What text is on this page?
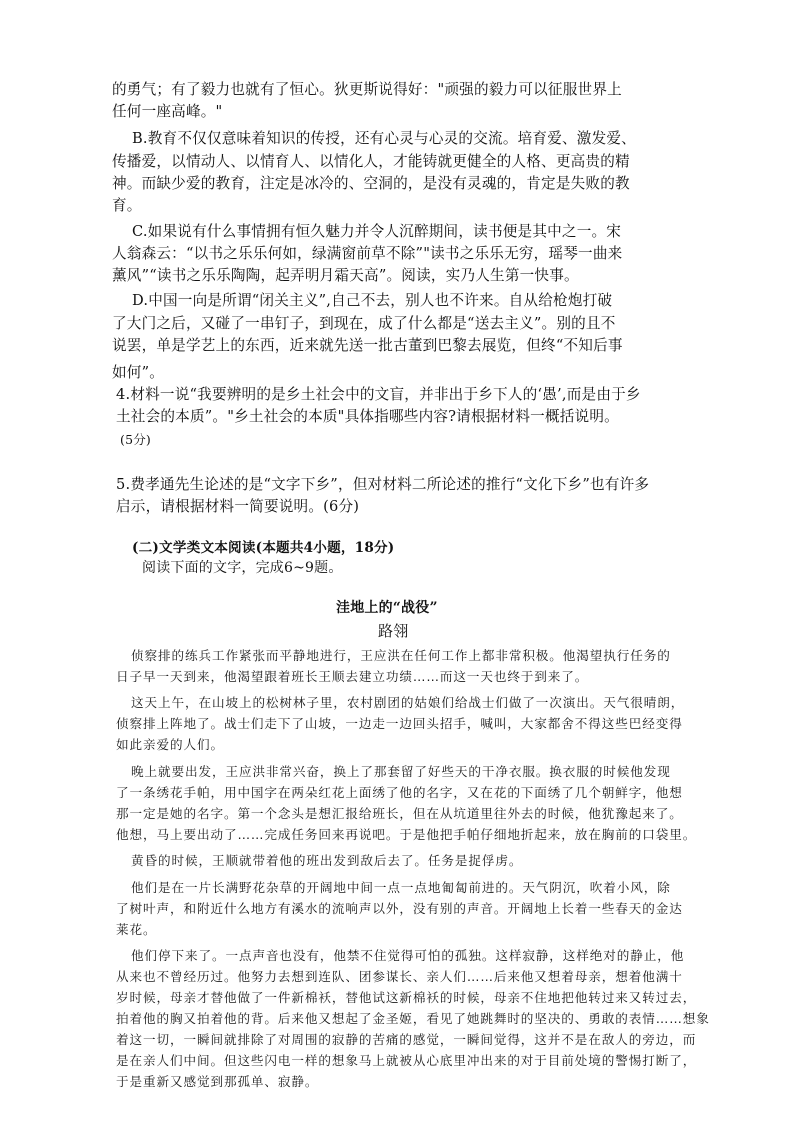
的勇气；有了毅力也就有了恒心。狄更斯说得好："顽强的毅力可以征服世界上
任何一座高峰。"
B.教育不仅仅意味着知识的传授，还有心灵与心灵的交流。培育爱、激发爱、
传播爱，以情动人、以情育人、以情化人，才能铸就更健全的人格、更高贵的精
神。而缺少爱的教育，注定是冰冷的、空洞的，是没有灵魂的，肯定是失败的教
育。
C.如果说有什么事情拥有恒久魅力并令人沉醉期间，读书便是其中之一。宋
人翁森云：“以书之乐乐何如，绿满窗前草不除”"读书之乐乐无穷，瑶琴一曲来
薰风”“读书之乐乐陶陶，起弄明月霜天高”。阅读，实乃人生第一快事。
D.中国一向是所谓“闭关主义”,自己不去，别人也不许来。自从给枪炮打破
了大门之后，又碰了一串钉子，到现在，成了什么都是“送去主义”。别的且不
说罢，单是学艺上的东西，近来就先送一批古董到巴黎去展览，但终“不知后事
如何”。
4.材料一说“我要辨明的是乡土社会中的文盲，并非出于乡下人的‘愚’,而是由于乡
土社会的本质”。"乡土社会的本质"具体指哪些内容?请根据材料一概括说明。
(5分)
5.费孝通先生论述的是“文字下乡”，但对材料二所论述的推行“文化下乡”也有许多
启示，请根据材料一简要说明。(6分)
(二)文学类文本阅读(本题共4小题，18分)
阅读下面的文字，完成6~9题。
洼地上的“战役”
路翎
侦察排的练兵工作紧张而平静地进行，王应洪在任何工作上都非常积极。他渴望执行任务的
日子早一天到来，他渴望跟着班长王顺去建立功绩……而这一天也终于到来了。
这天上午，在山坡上的松树林子里，农村剧团的姑娘们给战士们做了一次演出。天气很晴朗，
侦察排上阵地了。战士们走下了山坡，一边走一边回头招手，喊叫，大家都舍不得这些巴经变得
如此亲爱的人们。
晚上就要出发，王应洪非常兴奋，换上了那套留了好些天的干净衣服。换衣服的时候他发现
了一条绣花手帕，用中国字在两朵红花上面绣了他的名字，又在花的下面绣了几个朝鲜字，他想
那一定是她的名字。第一个念头是想汇报给班长，但在从坑道里往外去的时候，他犹豫起来了。
他想，马上要出动了……完成任务回来再说吧。于是他把手帕仔细地折起来，放在胸前的口袋里。
黄昏的时候，王顺就带着他的班出发到敌后去了。任务是捉俘虏。
他们是在一片长满野花杂草的开阔地中间一点一点地匍匐前进的。天气阴沉，吹着小风，除
了树叶声，和附近什么地方有溪水的流响声以外，没有别的声音。开阔地上长着一些春天的金达
莱花。
他们停下来了。一点声音也没有，他禁不住觉得可怕的孤独。这样寂静，这样绝对的静止，他
从来也不曾经历过。他努力去想到连队、团参谋长、亲人们……后来他又想着母亲，想着他满十
岁时候，母亲才替他做了一件新棉袄，替他试这新棉袄的时候，母亲不住地把他转过来又转过去，
拍着他的胸又拍着他的背。后来他又想起了金圣姬，看见了她跳舞时的坚决的、勇敢的表情……想象
着这一切，一瞬间就排除了对周围的寂静的苦痛的感觉，一瞬间觉得，这并不是在敌人的旁边，而
是在亲人们中间。但这些闪电一样的想象马上就被从心底里冲出来的对于目前处境的警惕打断了，
于是重新又感觉到那孤单、寂静。
